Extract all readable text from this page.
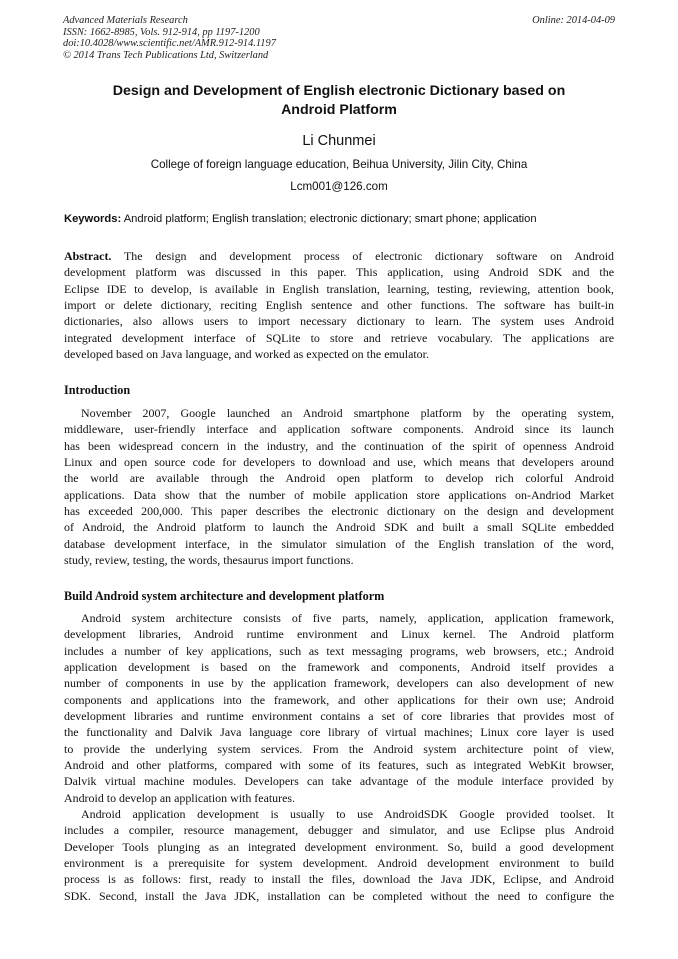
Advanced Materials Research
ISSN: 1662-8985, Vols. 912-914, pp 1197-1200
doi:10.4028/www.scientific.net/AMR.912-914.1197
© 2014 Trans Tech Publications Ltd, Switzerland
Online: 2014-04-09
Design and Development of English electronic Dictionary based on
Android Platform
Li Chunmei
College of foreign language education, Beihua University, Jilin City, China
Lcm001@126.com
Keywords: Android platform; English translation; electronic dictionary; smart phone; application
Abstract. The design and development process of electronic dictionary software on Android
development platform was discussed in this paper. This application, using Android SDK and the
Eclipse IDE to develop, is available in English translation, learning, testing, reviewing, attention book,
import or delete dictionary, reciting English sentence and other functions. The software has built-in
dictionaries, also allows users to import necessary dictionary to learn. The system uses Android
integrated development interface of SQLite to store and retrieve vocabulary. The applications are
developed based on Java language, and worked as expected on the emulator.
Introduction
November 2007, Google launched an Android smartphone platform by the operating system,
middleware, user-friendly interface and application software components. Android since its launch
has been widespread concern in the industry, and the continuation of the spirit of openness Android
Linux and open source code for developers to download and use, which means that developers around
the world are available through the Android open platform to develop rich colorful Android
applications. Data show that the number of mobile application store applications on-Andriod Market
has exceeded 200,000. This paper describes the electronic dictionary on the design and development
of Android, the Android platform to launch the Android SDK and built a small SQLite embedded
database development interface, in the simulator simulation of the English translation of the word,
study, review, testing, the words, thesaurus import functions.
Build Android system architecture and development platform
Android system architecture consists of five parts, namely, application, application framework,
development libraries, Android runtime environment and Linux kernel. The Android platform
includes a number of key applications, such as text messaging programs, web browsers, etc.; Android
application development is based on the framework and components, Android itself provides a
number of components in use by the application framework, developers can also development of new
components and applications into the framework, and other applications for their own use; Android
development libraries and runtime environment contains a set of core libraries that provides most of
the functionality and Dalvik Java language core library of virtual machines; Linux core layer is used
to provide the underlying system services. From the Android system architecture point of view,
Android and other platforms, compared with some of its features, such as integrated WebKit browser,
Dalvik virtual machine modules. Developers can take advantage of the module interface provided by
Android to develop an application with features.
Android application development is usually to use AndroidSDK Google provided toolset. It
includes a compiler, resource management, debugger and simulator, and use Eclipse plus Android
Developer Tools plunging as an integrated development environment. So, build a good development
environment is a prerequisite for system development. Android development environment to build
process is as follows: first, ready to install the files, download the Java JDK, Eclipse, and Android
SDK. Second, install the Java JDK, installation can be completed without the need to configure the
